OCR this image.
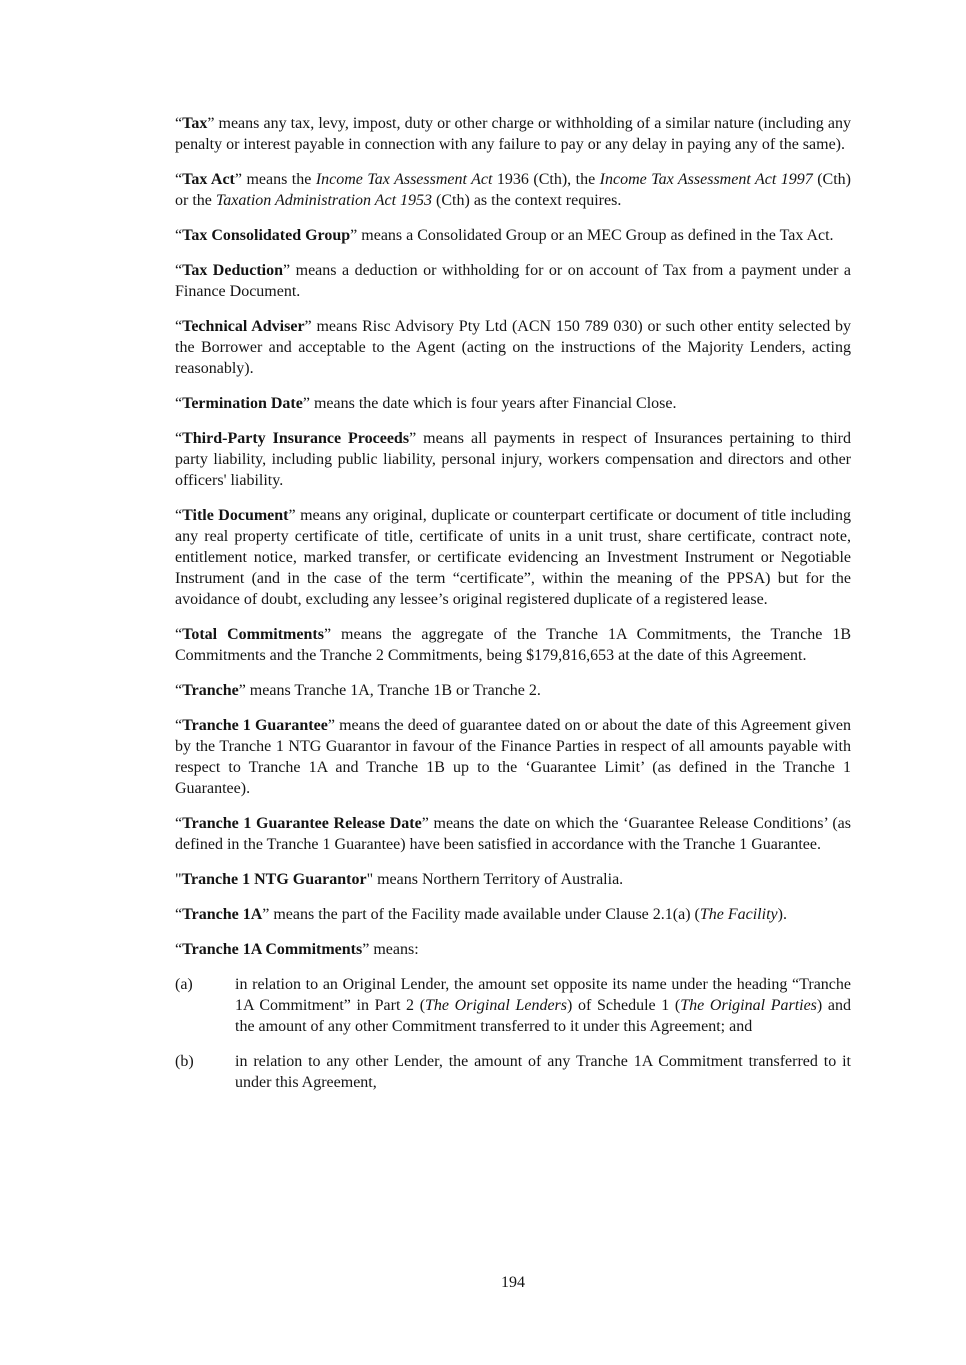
“Tax” means any tax, levy, impost, duty or other charge or withholding of a similar nature (including any penalty or interest payable in connection with any failure to pay or any delay in paying any of the same).

“Tax Act” means the Income Tax Assessment Act 1936 (Cth), the Income Tax Assessment Act 1997 (Cth) or the Taxation Administration Act 1953 (Cth) as the context requires.

“Tax Consolidated Group” means a Consolidated Group or an MEC Group as defined in the Tax Act.

“Tax Deduction” means a deduction or withholding for or on account of Tax from a payment under a Finance Document.

“Technical Adviser” means Risc Advisory Pty Ltd (ACN 150 789 030) or such other entity selected by the Borrower and acceptable to the Agent (acting on the instructions of the Majority Lenders, acting reasonably).

“Termination Date” means the date which is four years after Financial Close.

“Third-Party Insurance Proceeds” means all payments in respect of Insurances pertaining to third party liability, including public liability, personal injury, workers compensation and directors and other officers' liability.

“Title Document” means any original, duplicate or counterpart certificate or document of title including any real property certificate of title, certificate of units in a unit trust, share certificate, contract note, entitlement notice, marked transfer, or certificate evidencing an Investment Instrument or Negotiable Instrument (and in the case of the term “certificate”, within the meaning of the PPSA) but for the avoidance of doubt, excluding any lessee’s original registered duplicate of a registered lease.

“Total Commitments” means the aggregate of the Tranche 1A Commitments, the Tranche 1B Commitments and the Tranche 2 Commitments, being $179,816,653 at the date of this Agreement.

“Tranche” means Tranche 1A, Tranche 1B or Tranche 2.

“Tranche 1 Guarantee” means the deed of guarantee dated on or about the date of this Agreement given by the Tranche 1 NTG Guarantor in favour of the Finance Parties in respect of all amounts payable with respect to Tranche 1A and Tranche 1B up to the ‘Guarantee Limit’ (as defined in the Tranche 1 Guarantee).

“Tranche 1 Guarantee Release Date” means the date on which the ‘Guarantee Release Conditions’ (as defined in the Tranche 1 Guarantee) have been satisfied in accordance with the Tranche 1 Guarantee.

"Tranche 1 NTG Guarantor" means Northern Territory of Australia.

“Tranche 1A” means the part of the Facility made available under Clause 2.1(a) (The Facility).

“Tranche 1A Commitments” means:

(a)	in relation to an Original Lender, the amount set opposite its name under the heading “Tranche 1A Commitment” in Part 2 (The Original Lenders) of Schedule 1 (The Original Parties) and the amount of any other Commitment transferred to it under this Agreement; and

(b)	in relation to any other Lender, the amount of any Tranche 1A Commitment transferred to it under this Agreement,

194
